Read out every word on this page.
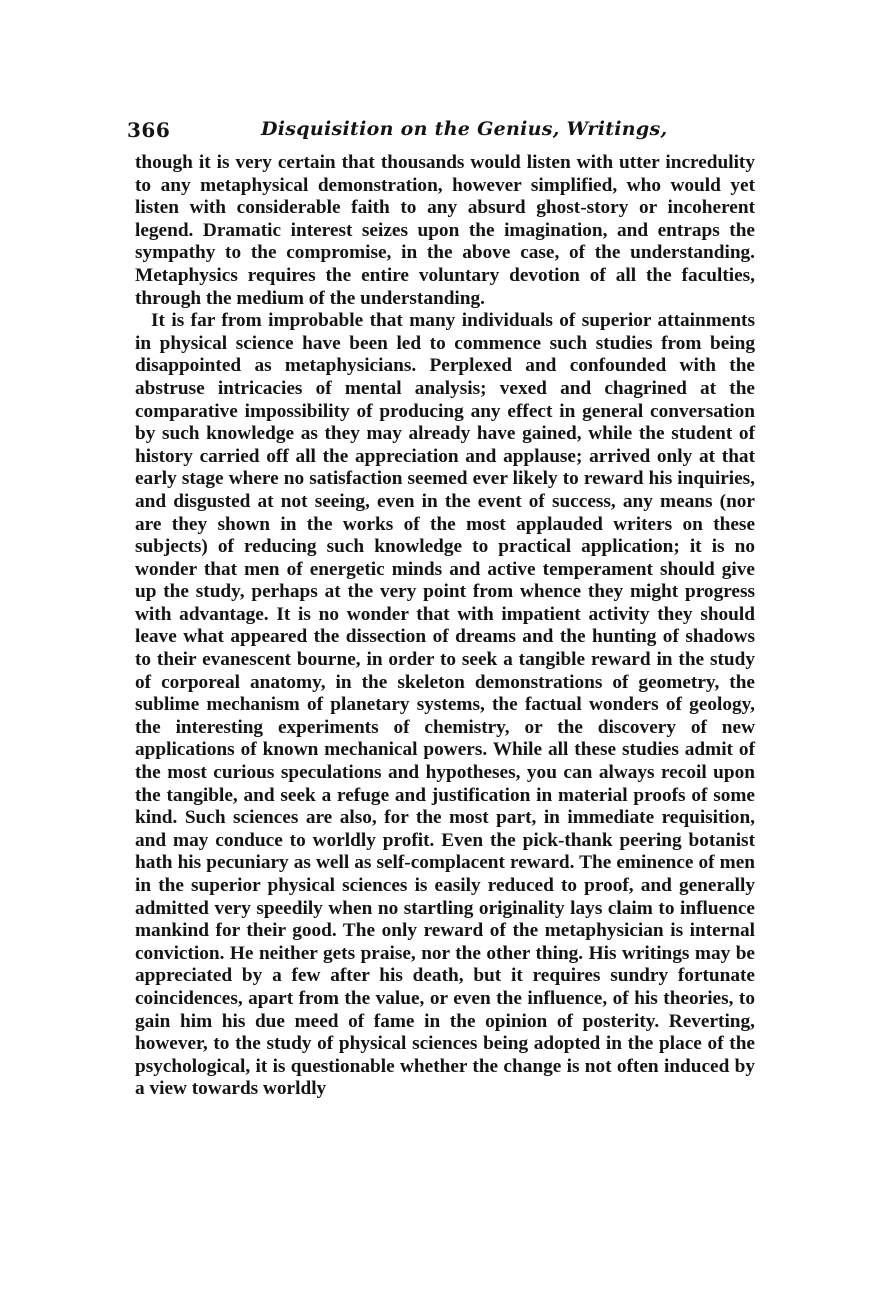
366	Disquisition on the Genius, Writings,

though it is very certain that thousands would listen with utter incredulity to any metaphysical demonstration, however simplified, who would yet listen with considerable faith to any absurd ghost-story or incoherent legend. Dramatic interest seizes upon the imagination, and entraps the sympathy to the compromise, in the above case, of the understanding. Metaphysics requires the entire voluntary devotion of all the faculties, through the medium of the understanding.

It is far from improbable that many individuals of superior attainments in physical science have been led to commence such studies from being disappointed as metaphysicians. Perplexed and confounded with the abstruse intricacies of mental analysis; vexed and chagrined at the comparative impossibility of producing any effect in general conversation by such knowledge as they may already have gained, while the student of history carried off all the appreciation and applause; arrived only at that early stage where no satisfaction seemed ever likely to reward his inquiries, and disgusted at not seeing, even in the event of success, any means (nor are they shown in the works of the most applauded writers on these subjects) of reducing such knowledge to practical application; it is no wonder that men of energetic minds and active temperament should give up the study, perhaps at the very point from whence they might progress with advantage. It is no wonder that with impatient activity they should leave what appeared the dissection of dreams and the hunting of shadows to their evanescent bourne, in order to seek a tangible reward in the study of corporeal anatomy, in the skeleton demonstrations of geometry, the sublime mechanism of planetary systems, the factual wonders of geology, the interesting experiments of chemistry, or the discovery of new applications of known mechanical powers. While all these studies admit of the most curious speculations and hypotheses, you can always recoil upon the tangible, and seek a refuge and justification in material proofs of some kind. Such sciences are also, for the most part, in immediate requisition, and may conduce to worldly profit. Even the pick-thank peering botanist hath his pecuniary as well as self-complacent reward. The eminence of men in the superior physical sciences is easily reduced to proof, and generally admitted very speedily when no startling originality lays claim to influence mankind for their good. The only reward of the metaphysician is internal conviction. He neither gets praise, nor the other thing. His writings may be appreciated by a few after his death, but it requires sundry fortunate coincidences, apart from the value, or even the influence, of his theories, to gain him his due meed of fame in the opinion of posterity. Reverting, however, to the study of physical sciences being adopted in the place of the psychological, it is questionable whether the change is not often induced by a view towards worldly
